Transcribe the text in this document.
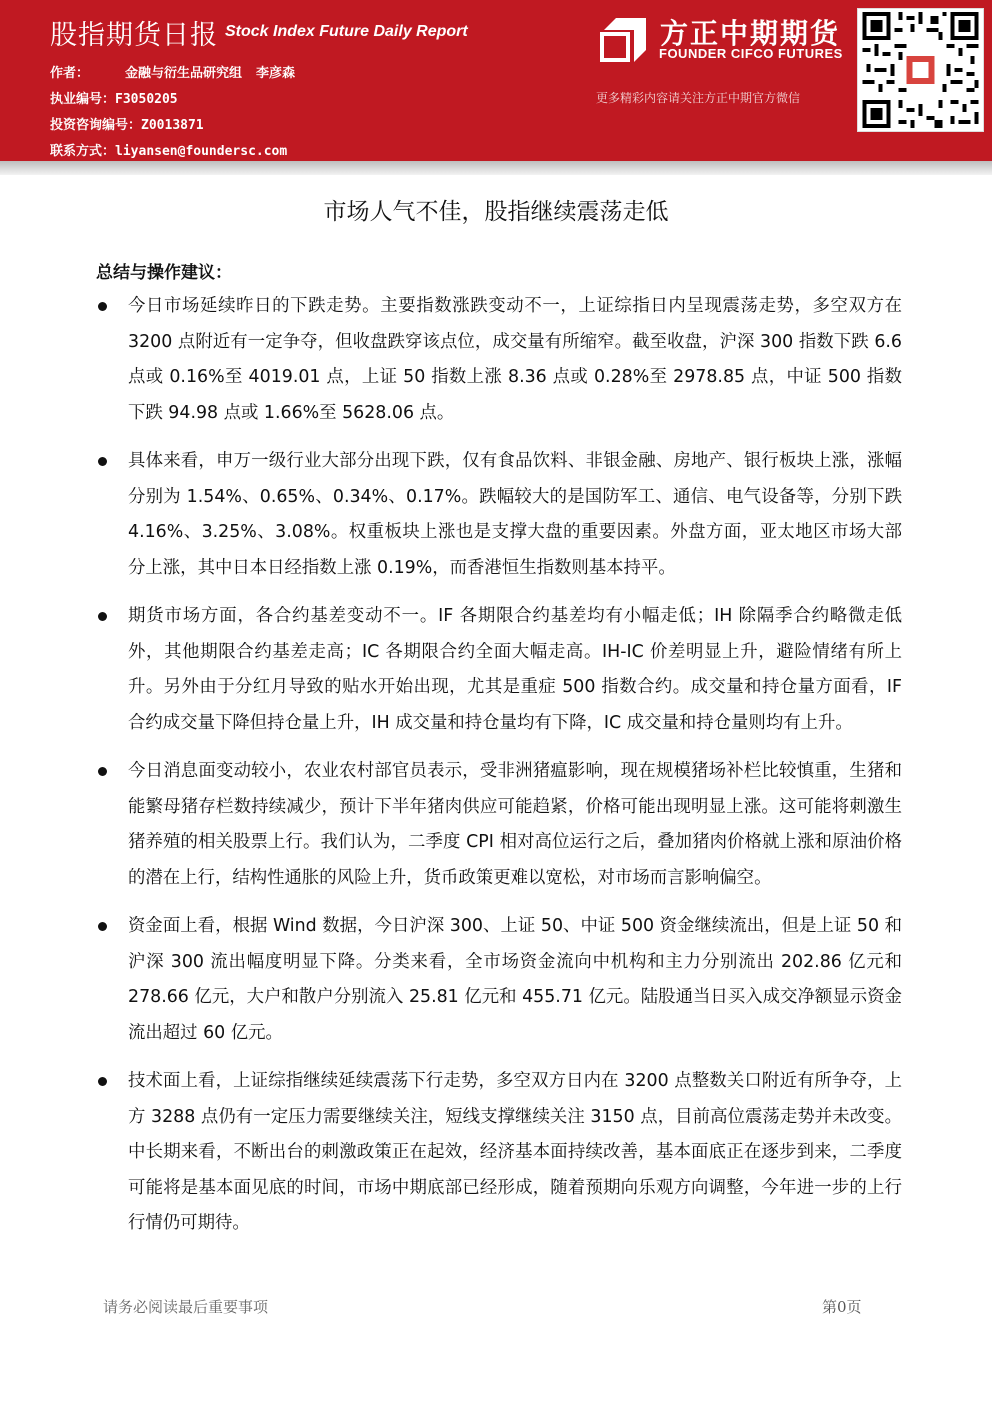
股指期货日报 Stock Index Future Daily Report
作者：	金融与衍生品研究组 李彦森
执业编号：F3050205
投资咨询编号：Z0013871
联系方式：liyansen@foundersc.com
方正中期期货
FOUNDER CIFCO FUTURES
更多精彩内容请关注方正中期官方微信
市场人气不佳，股指继续震荡走低
总结与操作建议：
今日市场延续昨日的下跌走势。主要指数涨跌变动不一，上证综指日内呈现震荡走势，多空双方在 3200 点附近有一定争夺，但收盘跌穿该点位，成交量有所缩窄。截至收盘，沪深 300 指数下跌 6.6 点或 0.16%至 4019.01 点，上证 50 指数上涨 8.36 点或 0.28%至 2978.85 点，中证 500 指数下跌 94.98 点或 1.66%至 5628.06 点。
具体来看，申万一级行业大部分出现下跌，仅有食品饮料、非银金融、房地产、银行板块上涨，涨幅分别为 1.54%、0.65%、0.34%、0.17%。跌幅较大的是国防军工、通信、电气设备等，分别下跌 4.16%、3.25%、3.08%。权重板块上涨也是支撑大盘的重要因素。外盘方面，亚太地区市场大部分上涨，其中日本日经指数上涨 0.19%，而香港恒生指数则基本持平。
期货市场方面，各合约基差变动不一。IF 各期限合约基差均有小幅走低；IH 除隔季合约略微走低外，其他期限合约基差走高；IC 各期限合约全面大幅走高。IH-IC 价差明显上升，避险情绪有所上升。另外由于分红月导致的贴水开始出现，尤其是重症 500 指数合约。成交量和持仓量方面看，IF 合约成交量下降但持仓量上升，IH 成交量和持仓量均有下降，IC 成交量和持仓量则均有上升。
今日消息面变动较小，农业农村部官员表示，受非洲猪瘟影响，现在规模猪场补栏比较慎重，生猪和能繁母猪存栏数持续减少，预计下半年猪肉供应可能趋紧，价格可能出现明显上涨。这可能将刺激生猪养殖的相关股票上行。我们认为，二季度 CPI 相对高位运行之后，叠加猪肉价格就上涨和原油价格的潜在上行，结构性通胀的风险上升，货币政策更难以宽松，对市场而言影响偏空。
资金面上看，根据 Wind 数据，今日沪深 300、上证 50、中证 500 资金继续流出，但是上证 50 和沪深 300 流出幅度明显下降。分类来看，全市场资金流向中机构和主力分别流出 202.86 亿元和 278.66 亿元，大户和散户分别流入 25.81 亿元和 455.71 亿元。陆股通当日买入成交净额显示资金流出超过 60 亿元。
技术面上看，上证综指继续延续震荡下行走势，多空双方日内在 3200 点整数关口附近有所争夺，上方 3288 点仍有一定压力需要继续关注，短线支撑继续关注 3150 点，目前高位震荡走势并未改变。中长期来看，不断出台的刺激政策正在起效，经济基本面持续改善，基本面底正在逐步到来，二季度可能将是基本面见底的时间，市场中期底部已经形成，随着预期向乐观方向调整，今年进一步的上行行情仍可期待。
请务必阅读最后重要事项	第0页
